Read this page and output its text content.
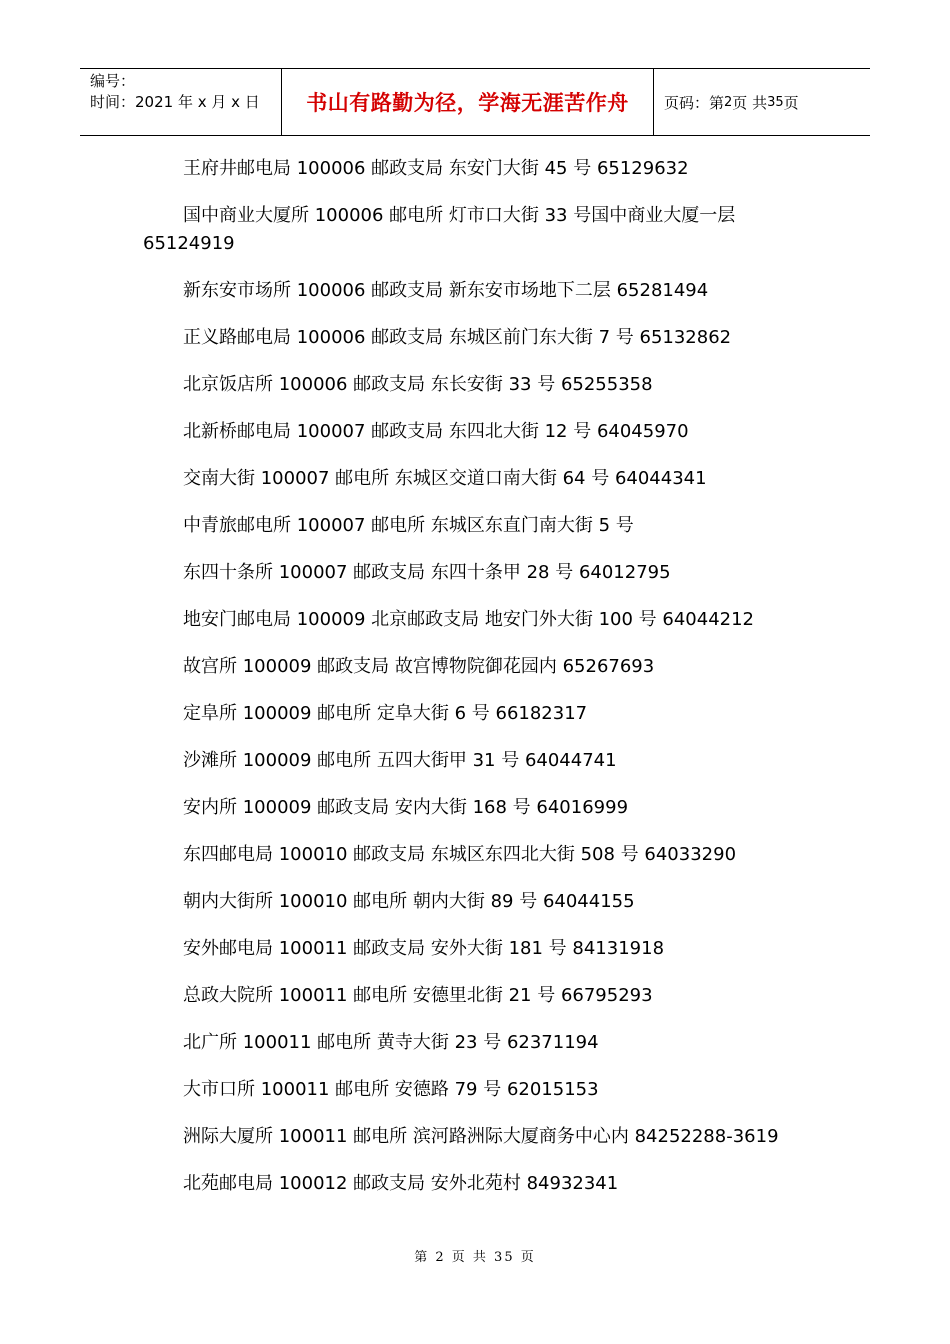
编号：
时间：2021 年 x 月 x 日	书山有路勤为径，学海无涯苦作舟	页码：第 2 页 共 35 页

王府井邮电局 100006 邮政支局 东安门大街 45 号 65129632

国中商业大厦所 100006 邮电所 灯市口大街 33 号国中商业大厦一层 65124919

新东安市场所 100006 邮政支局 新东安市场地下二层 65281494

正义路邮电局 100006 邮政支局 东城区前门东大街 7 号 65132862

北京饭店所 100006 邮政支局 东长安街 33 号 65255358

北新桥邮电局 100007 邮政支局 东四北大街 12 号 64045970

交南大街 100007 邮电所 东城区交道口南大街 64 号 64044341

中青旅邮电所 100007 邮电所 东城区东直门南大街 5 号

东四十条所 100007 邮政支局 东四十条甲 28 号 64012795

地安门邮电局 100009 北京邮政支局 地安门外大街 100 号 64044212

故宫所 100009 邮政支局 故宫博物院御花园内 65267693

定阜所 100009 邮电所 定阜大街 6 号 66182317

沙滩所 100009 邮电所 五四大街甲 31 号 64044741

安内所 100009 邮政支局 安内大街 168 号 64016999

东四邮电局 100010 邮政支局 东城区东四北大街 508 号 64033290

朝内大街所 100010 邮电所 朝内大街 89 号 64044155

安外邮电局 100011 邮政支局 安外大街 181 号 84131918

总政大院所 100011 邮电所 安德里北街 21 号 66795293

北广所 100011 邮电所 黄寺大街 23 号 62371194

大市口所 100011 邮电所 安德路 79 号 62015153

洲际大厦所 100011 邮电所 滨河路洲际大厦商务中心内 84252288-3619

北苑邮电局 100012 邮政支局 安外北苑村 84932341

第 2 页 共 35 页
